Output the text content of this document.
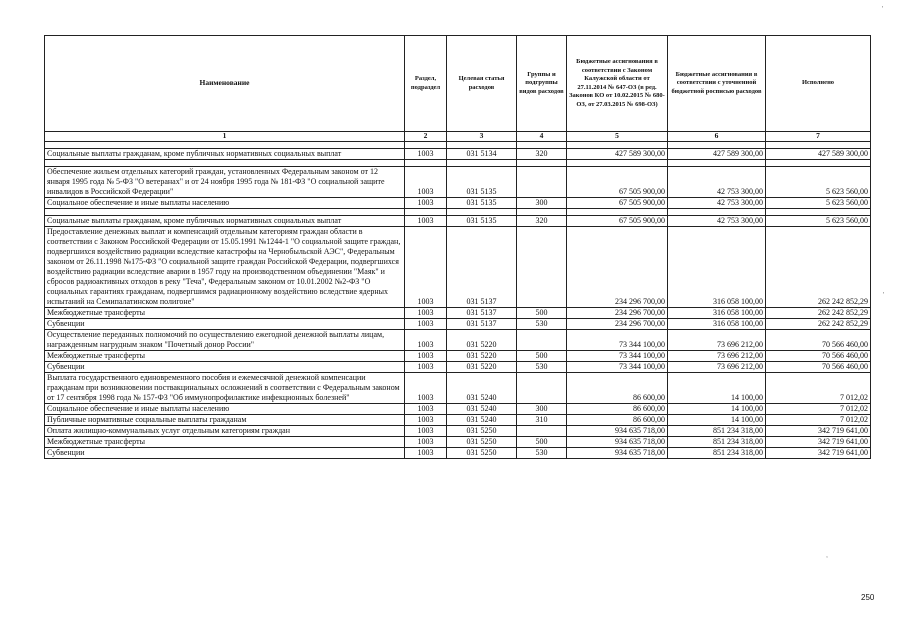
Наименование	Раздел, подраздел	Целевая статья расходов	Группы и подгруппы видов расходов	Бюджетные ассигнования в соответствии с Законом Калужской области от 27.11.2014 № 647-ОЗ (в ред. Законов КО от 10.02.2015 № 680-ОЗ, от 27.03.2015 № 698-ОЗ)	Бюджетные ассигнования в соответствии с уточненной бюджетной росписью расходов	Исполнено
1	2	3	4	5	6	7

Социальные выплаты гражданам, кроме публичных нормативных социальных выплат	1003	031 5134	320	427 589 300,00	427 589 300,00	427 589 300,00

Обеспечение жильем отдельных категорий граждан, установленных Федеральным законом от 12 января 1995 года № 5-ФЗ "О ветеранах" и от 24 ноября 1995 года № 181-ФЗ "О социальной защите инвалидов в Российской Федерации"	1003	031 5135		67 505 900,00	42 753 300,00	5 623 560,00
Социальное обеспечение и иные выплаты населению	1003	031 5135	300	67 505 900,00	42 753 300,00	5 623 560,00

Социальные выплаты гражданам, кроме публичных нормативных социальных выплат	1003	031 5135	320	67 505 900,00	42 753 300,00	5 623 560,00
Предоставление денежных выплат и компенсаций отдельным категориям граждан области в соответствии с Законом Российской Федерации от 15.05.1991 №1244-1 "О социальной защите граждан, подвергшихся воздействию радиации вследствие катастрофы на Чернобыльской АЭС", Федеральным законом от 26.11.1998 №175-ФЗ "О социальной защите граждан Российской Федерации, подвергшихся воздействию радиации вследствие аварии в 1957 году на производственном объединении "Маяк" и сбросов радиоактивных отходов в реку "Теча", Федеральным законом от 10.01.2002 №2-ФЗ "О социальных гарантиях гражданам, подвергшимся радиационному воздействию вследствие ядерных испытаний на Семипалатинском полигоне"	1003	031 5137		234 296 700,00	316 058 100,00	262 242 852,29
Межбюджетные трансферты	1003	031 5137	500	234 296 700,00	316 058 100,00	262 242 852,29
Субвенции	1003	031 5137	530	234 296 700,00	316 058 100,00	262 242 852,29
Осуществление переданных полномочий по осуществлению ежегодной денежной выплаты лицам, награжденным нагрудным знаком "Почетный донор России"	1003	031 5220		73 344 100,00	73 696 212,00	70 566 460,00
Межбюджетные трансферты	1003	031 5220	500	73 344 100,00	73 696 212,00	70 566 460,00
Субвенции	1003	031 5220	530	73 344 100,00	73 696 212,00	70 566 460,00
Выплата государственного единовременного пособия и ежемесячной денежной компенсации гражданам при возникновении поствакцинальных осложнений в соответствии с Федеральным законом от 17 сентября 1998 года № 157-ФЗ "Об иммунопрофилактике инфекционных болезней"	1003	031 5240		86 600,00	14 100,00	7 012,02
Социальное обеспечение и иные выплаты населению	1003	031 5240	300	86 600,00	14 100,00	7 012,02
Публичные нормативные социальные выплаты гражданам	1003	031 5240	310	86 600,00	14 100,00	7 012,02
Оплата жилищно-коммунальных услуг отдельным категориям граждан	1003	031 5250		934 635 718,00	851 234 318,00	342 719 641,00
Межбюджетные трансферты	1003	031 5250	500	934 635 718,00	851 234 318,00	342 719 641,00
Субвенции	1003	031 5250	530	934 635 718,00	851 234 318,00	342 719 641,00
'
'
,
250
